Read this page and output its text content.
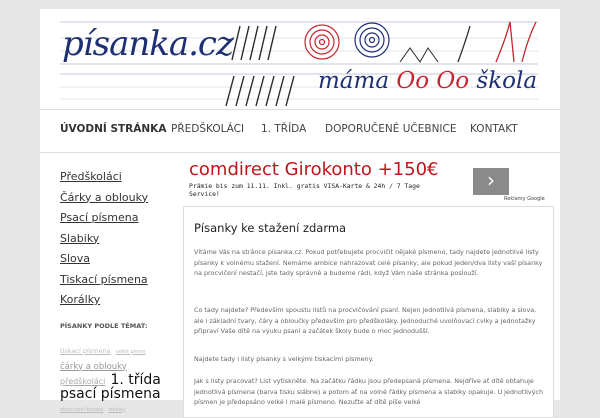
písanka.cz
máma Oo Oo škola
ÚVODNÍ STRÁNKA PŘEDŠKOLÁCI 1. TŘÍDA DOPORUČENÉ UČEBNICE KONTAKT
Předškoláci
Čárky a oblouky
Psací písmena
Slabiky
Slova
Tiskací písmena
Korálky
PÍSANKY PODLE TÉMAT:
tiskací písmena velké písmo čárky a oblouky předškoláci 1. třída psací písmena obouruční kresba slabiky
comdirect Girokonto +150€
Prämie bis zum 11.11. Inkl. gratis VISA-Karte & 24h / 7 Tage Service!
›
Reklamy Google
Písanky ke stažení zdarma

Vítáme Vás na stránce písanka.cz. Pokud potřebujete procvičit nějaké písmeno, tady najdete jednotlivé listy písanky k volnému stažení. Nemáme ambice nahrazovat celé písanky, ale pokud jeden/dva listy vaší písanky na procvičení nestačí, jste tady správně a budeme rádi, když Vám naše stránka poslouží.

Co tady najdete? Především spoustu listů na procvičování psaní. Nejen jednotlivá písmena, slabiky a slova, ale i základní tvary, čáry a obloučky především pro předškoláky. Jednoduché uvolňovací cviky a jednotažky připraví Vaše dítě na výuku psaní a začátek školy bude o moc jednodušší.

Najdete tady i listy písanky s velkými tiskacími písmeny.

Jak s listy pracovat? List vytiskněte. Na začátku řádku jsou předepsaná písmena. Nejdříve ať dítě obtahuje jednotlivá písmena (barva tisku slábne) a potom ať na volné řádky písmena a slabiky opakuje. U jednotlivých písmen je předepsáno velké i malé písmeno. Nezuťte ať dítě píše velké
